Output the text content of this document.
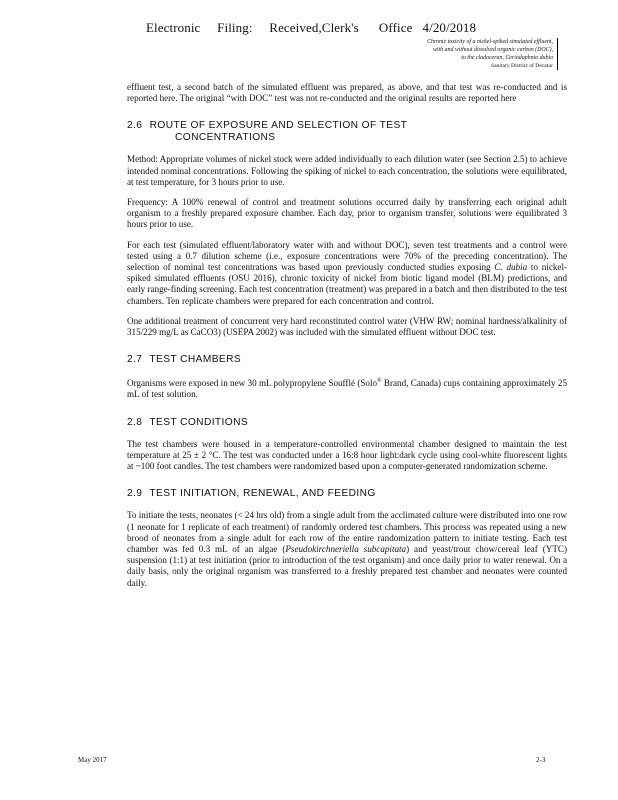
Electronic     Filing:     Received,Clerk's      Office   4/20/2018
Chronic toxicity of a nickel-spiked simulated effluent,
with and without dissolved organic carbon (DOC),
to the cladoceran, Ceriodaphnia dubia
Sanitary District of Decatur

effluent test, a second batch of the simulated effluent was prepared, as above, and that test was re-conducted and is reported here. The original “with DOC” test was not re-conducted and the original results are reported here

2.6 ROUTE OF EXPOSURE AND SELECTION OF TEST
CONCENTRATIONS

Method: Appropriate volumes of nickel stock were added individually to each dilution water (see Section 2.5) to achieve intended nominal concentrations. Following the spiking of nickel to each concentration, the solutions were equilibrated, at test temperature, for 3 hours prior to use.

Frequency: A 100% renewal of control and treatment solutions occurred daily by transferring each original adult organism to a freshly prepared exposure chamber. Each day, prior to organism transfer, solutions were equilibrated 3 hours prior to use.

For each test (simulated effluent/laboratory water with and without DOC), seven test treatments and a control were tested using a 0.7 dilution scheme (i.e., exposure concentrations were 70% of the preceding concentration). The selection of nominal test concentrations was based upon previously conducted studies exposing C. dubia to nickel-spiked simulated effluents (OSU 2016), chronic toxicity of nickel from biotic ligand model (BLM) predictions, and early range-finding screening. Each test concentration (treatment) was prepared in a batch and then distributed to the test chambers. Ten replicate chambers were prepared for each concentration and control.

One additional treatment of concurrent very hard reconstituted control water (VHW RW; nominal hardness/alkalinity of 315/229 mg/L as CaCO3) (USEPA 2002) was included with the simulated effluent without DOC test.

2.7 TEST CHAMBERS

Organisms were exposed in new 30 mL polypropylene Soufflé (Solo® Brand, Canada) cups containing approximately 25 mL of test solution.

2.8 TEST CONDITIONS

The test chambers were housed in a temperature-controlled environmental chamber designed to maintain the test temperature at 25 ± 2 °C. The test was conducted under a 16:8 hour light:dark cycle using cool-white fluorescent lights at ~100 foot candles. The test chambers were randomized based upon a computer-generated randomization scheme.

2.9 TEST INITIATION, RENEWAL, AND FEEDING

To initiate the tests, neonates (< 24 hrs old) from a single adult from the acclimated culture were distributed into one row (1 neonate for 1 replicate of each treatment) of randomly ordered test chambers. This process was repeated using a new brood of neonates from a single adult for each row of the entire randomization pattern to initiate testing. Each test chamber was fed 0.3 mL of an algae (Pseudokirchneriella subcapitata) and yeast/trout chow/cereal leaf (YTC) suspension (1:1) at test initiation (prior to introduction of the test organism) and once daily prior to water renewal. On a daily basis, only the original organism was transferred to a freshly prepared test chamber and neonates were counted daily.

May 2017	2-3
